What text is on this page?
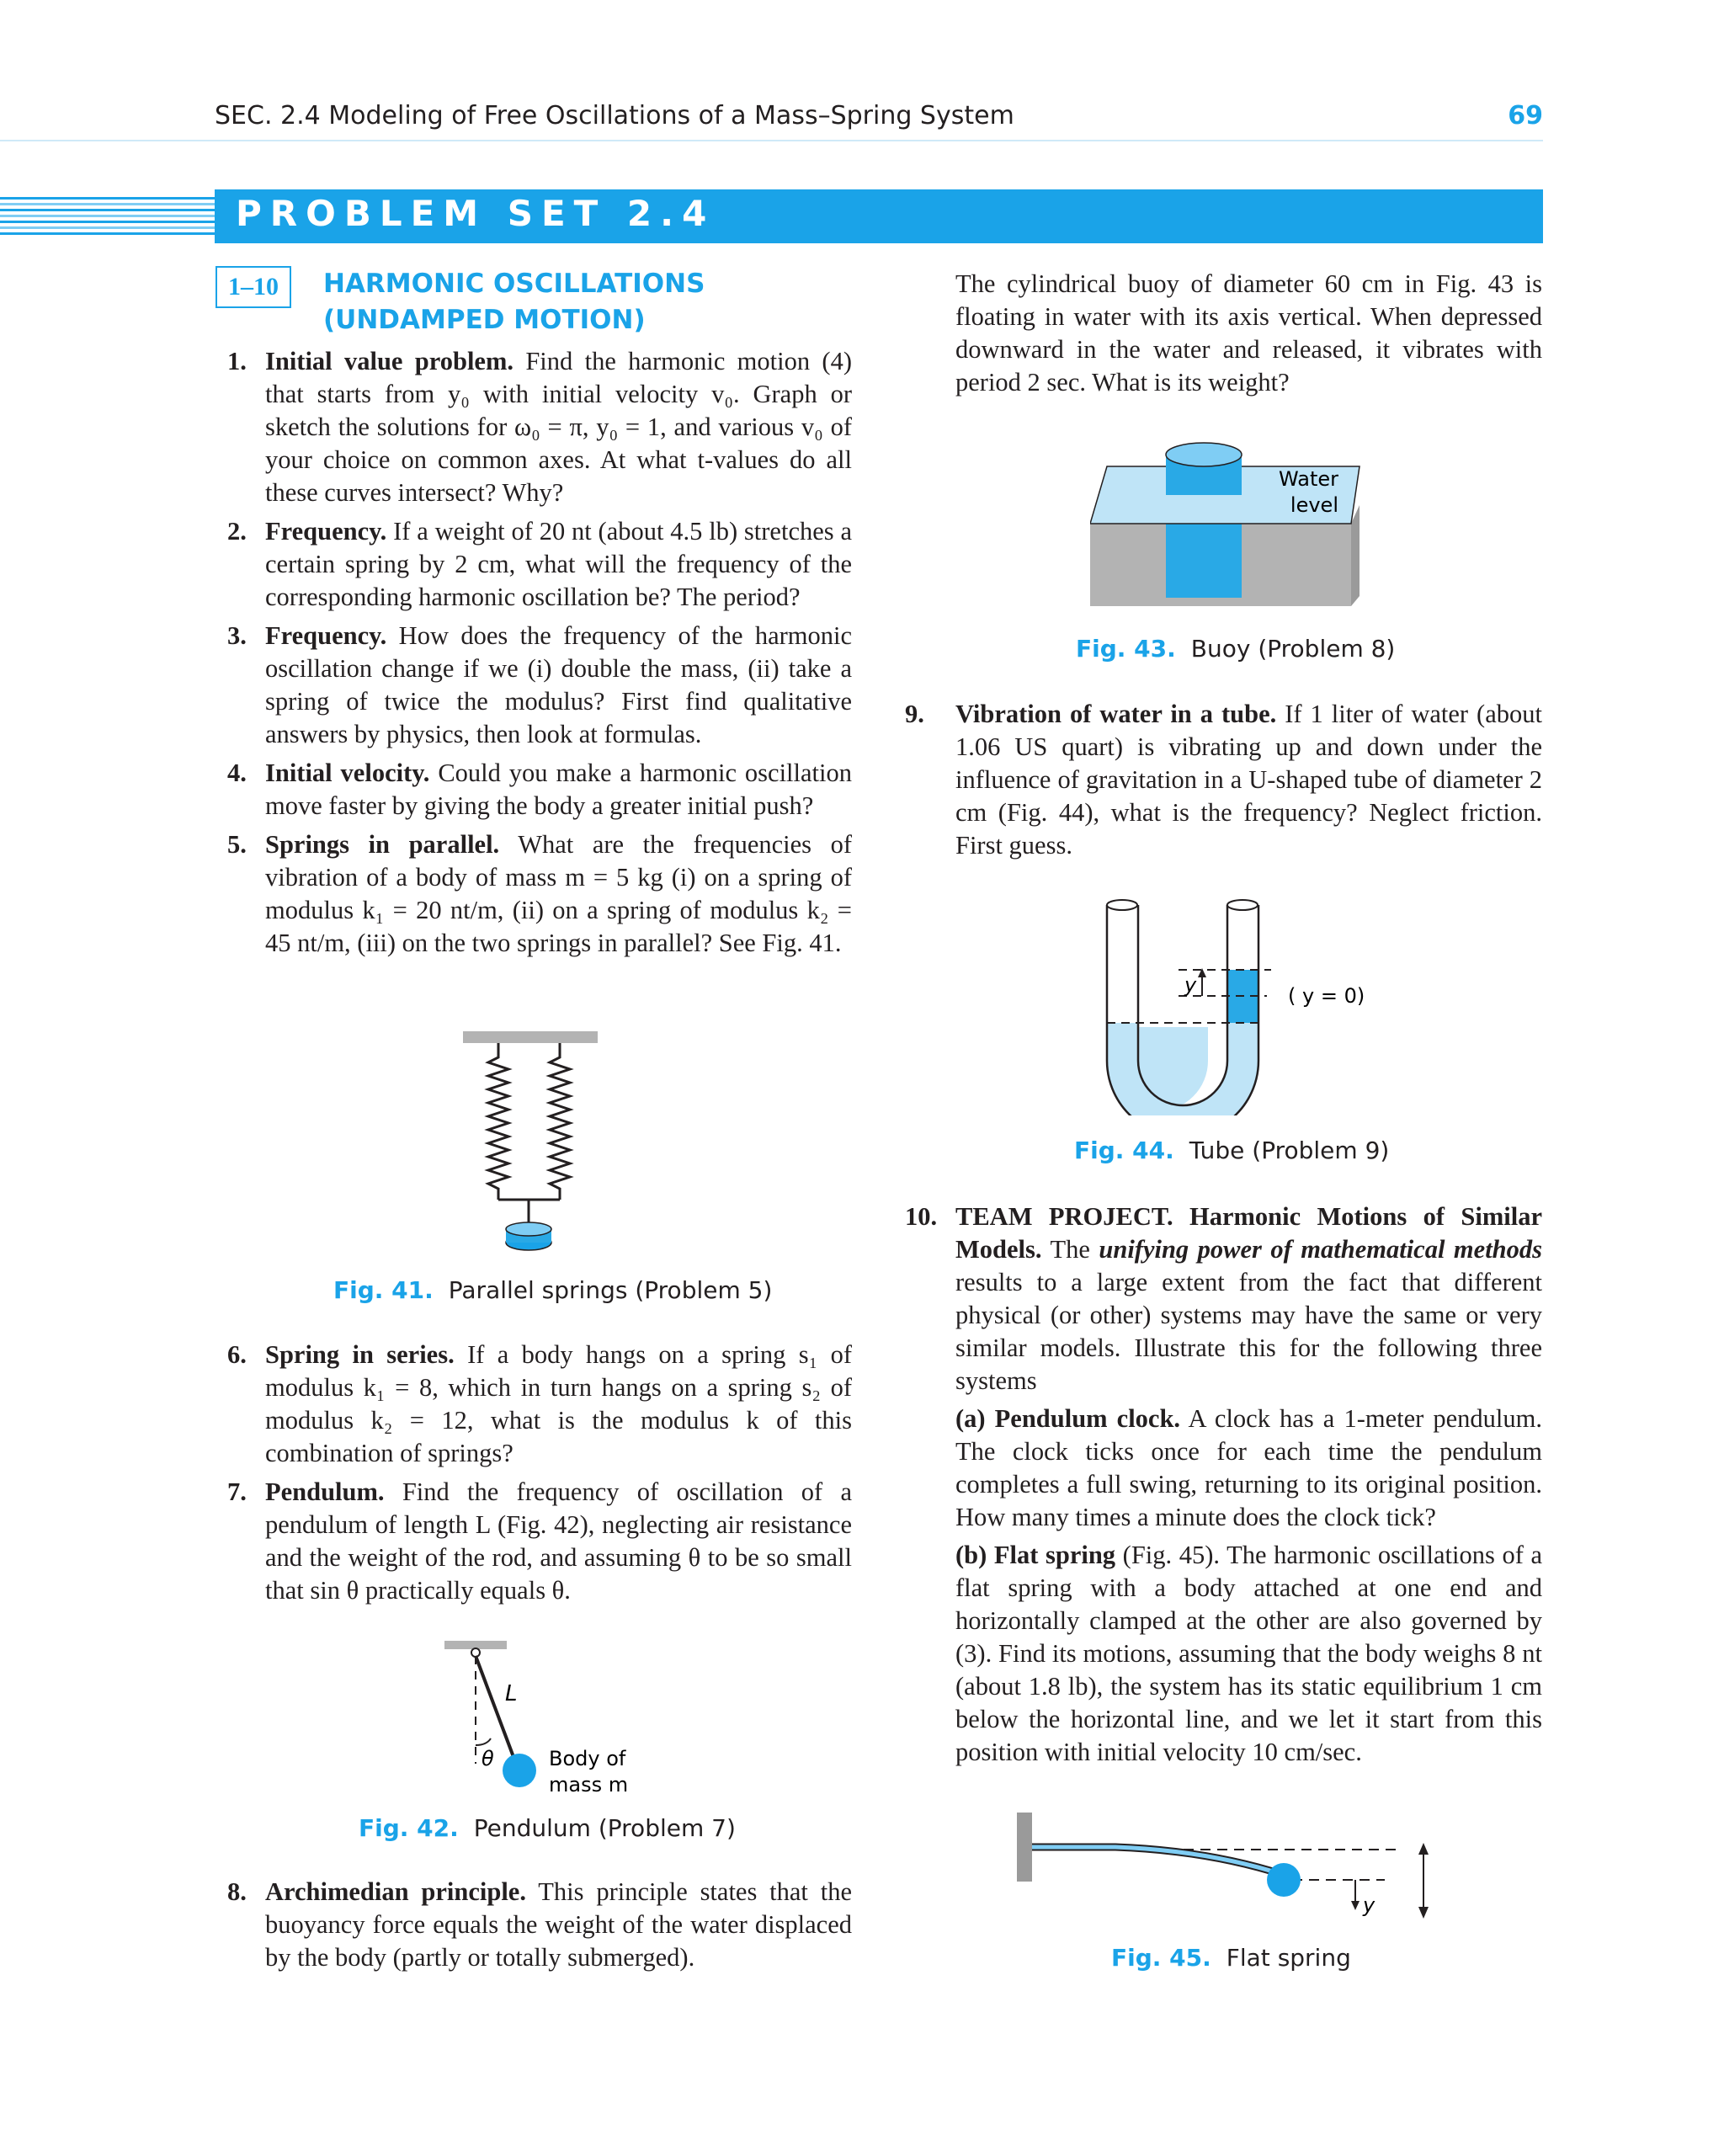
SEC. 2.4 Modeling of Free Oscillations of a Mass–Spring System	69
PROBLEM SET 2.4
1–10	HARMONIC OSCILLATIONS
(UNDAMPED MOTION)
1. Initial value problem. Find the harmonic motion (4) that starts from y₀ with initial velocity v₀. Graph or sketch the solutions for ω₀ = π, y₀ = 1, and various v₀ of your choice on common axes. At what t-values do all these curves intersect? Why?
2. Frequency. If a weight of 20 nt (about 4.5 lb) stretches a certain spring by 2 cm, what will the frequency of the corresponding harmonic oscillation be? The period?
3. Frequency. How does the frequency of the harmonic oscillation change if we (i) double the mass, (ii) take a spring of twice the modulus? First find qualitative answers by physics, then look at formulas.
4. Initial velocity. Could you make a harmonic oscillation move faster by giving the body a greater initial push?
5. Springs in parallel. What are the frequencies of vibration of a body of mass m = 5 kg (i) on a spring of modulus k₁ = 20 nt/m, (ii) on a spring of modulus k₂ = 45 nt/m, (iii) on the two springs in parallel? See Fig. 41.
Fig. 41. Parallel springs (Problem 5)
6. Spring in series. If a body hangs on a spring s₁ of modulus k₁ = 8, which in turn hangs on a spring s₂ of modulus k₂ = 12, what is the modulus k of this combination of springs?
7. Pendulum. Find the frequency of oscillation of a pendulum of length L (Fig. 42), neglecting air resistance and the weight of the rod, and assuming θ to be so small that sin θ practically equals θ.
L
θ	Body of
mass m
Fig. 42. Pendulum (Problem 7)
8. Archimedian principle. This principle states that the buoyancy force equals the weight of the water displaced by the body (partly or totally submerged).
The cylindrical buoy of diameter 60 cm in Fig. 43 is floating in water with its axis vertical. When depressed downward in the water and released, it vibrates with period 2 sec. What is its weight?
Water
level
Fig. 43. Buoy (Problem 8)
9. Vibration of water in a tube. If 1 liter of water (about 1.06 US quart) is vibrating up and down under the influence of gravitation in a U-shaped tube of diameter 2 cm (Fig. 44), what is the frequency? Neglect friction. First guess.
y	( y = 0)
Fig. 44. Tube (Problem 9)
10. TEAM PROJECT. Harmonic Motions of Similar Models. The unifying power of mathematical methods results to a large extent from the fact that different physical (or other) systems may have the same or very similar models. Illustrate this for the following three systems
(a) Pendulum clock. A clock has a 1-meter pendulum. The clock ticks once for each time the pendulum completes a full swing, returning to its original position. How many times a minute does the clock tick?
(b) Flat spring (Fig. 45). The harmonic oscillations of a flat spring with a body attached at one end and horizontally clamped at the other are also governed by (3). Find its motions, assuming that the body weighs 8 nt (about 1.8 lb), the system has its static equilibrium 1 cm below the horizontal line, and we let it start from this position with initial velocity 10 cm/sec.
y
Fig. 45. Flat spring
